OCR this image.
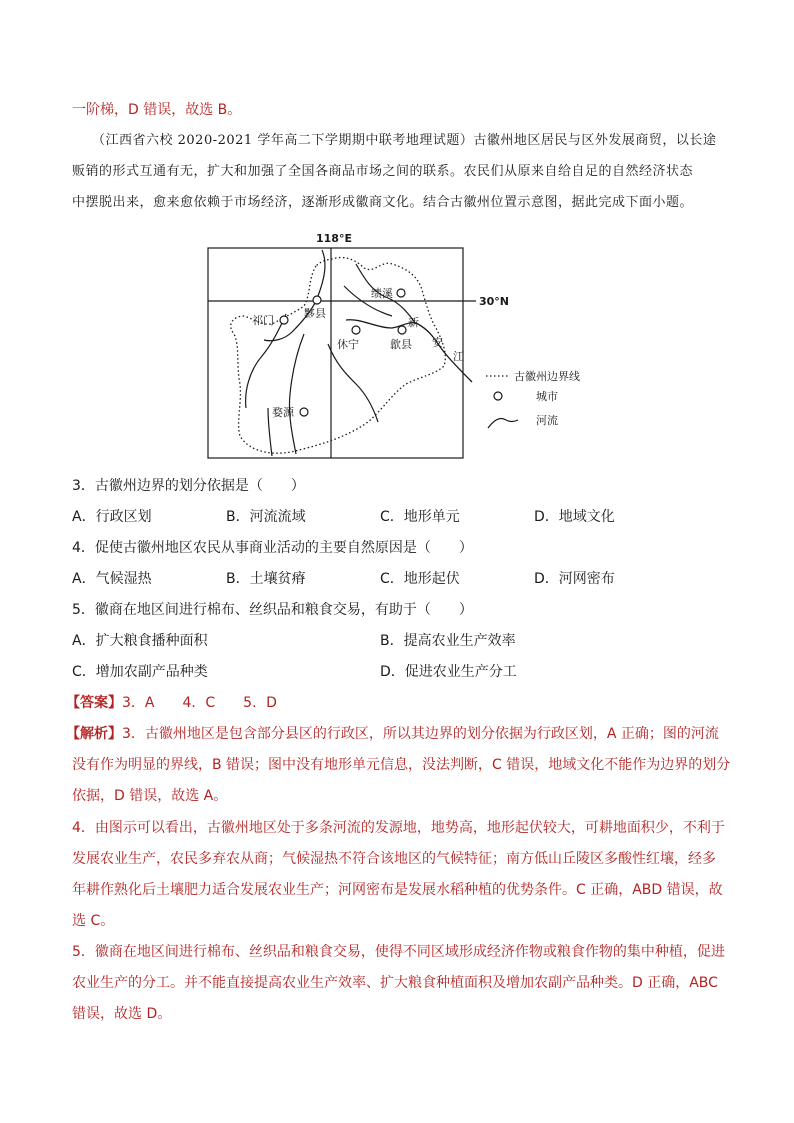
一阶梯，D 错误，故选 B。
（江西省六校 2020-2021 学年高二下学期期中联考地理试题）古徽州地区居民与区外发展商贸，以长途
贩销的形式互通有无，扩大和加强了全国各商品市场之间的联系。农民们从原来自给自足的自然经济状态
中摆脱出来，愈来愈依赖于市场经济，逐渐形成徽商文化。结合古徽州位置示意图，据此完成下面小题。
118°E
30°N
绩溪
黟县
祁门
休宁	歙县
婺源
新
安
江
古徽州边界线
城市
河流
3．古徽州边界的划分依据是（　　）
A．行政区划	B．河流流域	C．地形单元	D．地域文化
4．促使古徽州地区农民从事商业活动的主要自然原因是（　　）
A．气候湿热	B．土壤贫瘠	C．地形起伏	D．河网密布
5．徽商在地区间进行棉布、丝织品和粮食交易，有助于（　　）
A．扩大粮食播种面积	B．提高农业生产效率
C．增加农副产品种类	D．促进农业生产分工
【答案】3．A　　4．C　　5．D
【解析】3．古徽州地区是包含部分县区的行政区，所以其边界的划分依据为行政区划，A 正确；图的河流
没有作为明显的界线，B 错误；图中没有地形单元信息，没法判断，C 错误，地域文化不能作为边界的划分
依据，D 错误，故选 A。
4．由图示可以看出，古徽州地区处于多条河流的发源地，地势高，地形起伏较大，可耕地面积少，不利于
发展农业生产，农民多弃农从商；气候湿热不符合该地区的气候特征；南方低山丘陵区多酸性红壤，经多
年耕作熟化后土壤肥力适合发展农业生产；河网密布是发展水稻种植的优势条件。C 正确，ABD 错误，故
选 C。
5．徽商在地区间进行棉布、丝织品和粮食交易，使得不同区域形成经济作物或粮食作物的集中种植，促进
农业生产的分工。并不能直接提高农业生产效率、扩大粮食种植面积及增加农副产品种类。D 正确，ABC
错误，故选 D。
